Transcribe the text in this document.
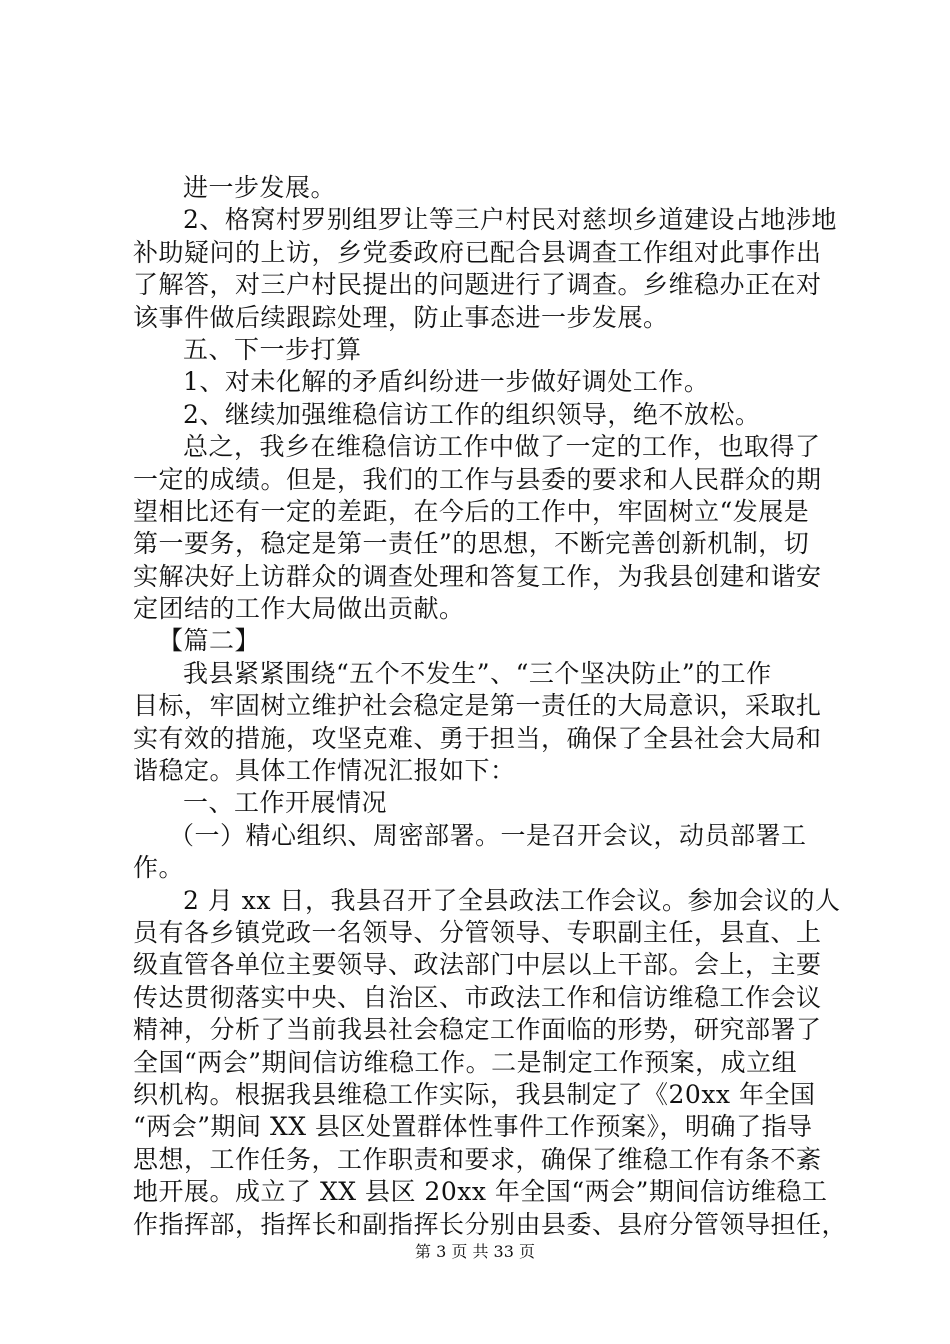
进一步发展。
2、格窝村罗别组罗让等三户村民对慈坝乡道建设占地涉地
补助疑问的上访，乡党委政府已配合县调查工作组对此事作出
了解答，对三户村民提出的问题进行了调查。乡维稳办正在对
该事件做后续跟踪处理，防止事态进一步发展。
五、下一步打算
1、对未化解的矛盾纠纷进一步做好调处工作。
2、继续加强维稳信访工作的组织领导，绝不放松。
总之，我乡在维稳信访工作中做了一定的工作，也取得了
一定的成绩。但是，我们的工作与县委的要求和人民群众的期
望相比还有一定的差距，在今后的工作中，牢固树立“发展是
第一要务，稳定是第一责任”的思想，不断完善创新机制，切
实解决好上访群众的调查处理和答复工作，为我县创建和谐安
定团结的工作大局做出贡献。
【篇二】
我县紧紧围绕“五个不发生”、“三个坚决防止”的工作
目标，牢固树立维护社会稳定是第一责任的大局意识，采取扎
实有效的措施，攻坚克难、勇于担当，确保了全县社会大局和
谐稳定。具体工作情况汇报如下：
一、工作开展情况
（一）精心组织、周密部署。一是召开会议，动员部署工
作。
2 月 xx 日，我县召开了全县政法工作会议。参加会议的人
员有各乡镇党政一名领导、分管领导、专职副主任，县直、上
级直管各单位主要领导、政法部门中层以上干部。会上，主要
传达贯彻落实中央、自治区、市政法工作和信访维稳工作会议
精神，分析了当前我县社会稳定工作面临的形势，研究部署了
全国“两会”期间信访维稳工作。二是制定工作预案，成立组
织机构。根据我县维稳工作实际，我县制定了《20xx 年全国
“两会”期间 XX 县区处置群体性事件工作预案》，明确了指导
思想，工作任务，工作职责和要求，确保了维稳工作有条不紊
地开展。成立了 XX 县区 20xx 年全国“两会”期间信访维稳工
作指挥部，指挥长和副指挥长分别由县委、县府分管领导担任，
第 3 页 共 33 页
